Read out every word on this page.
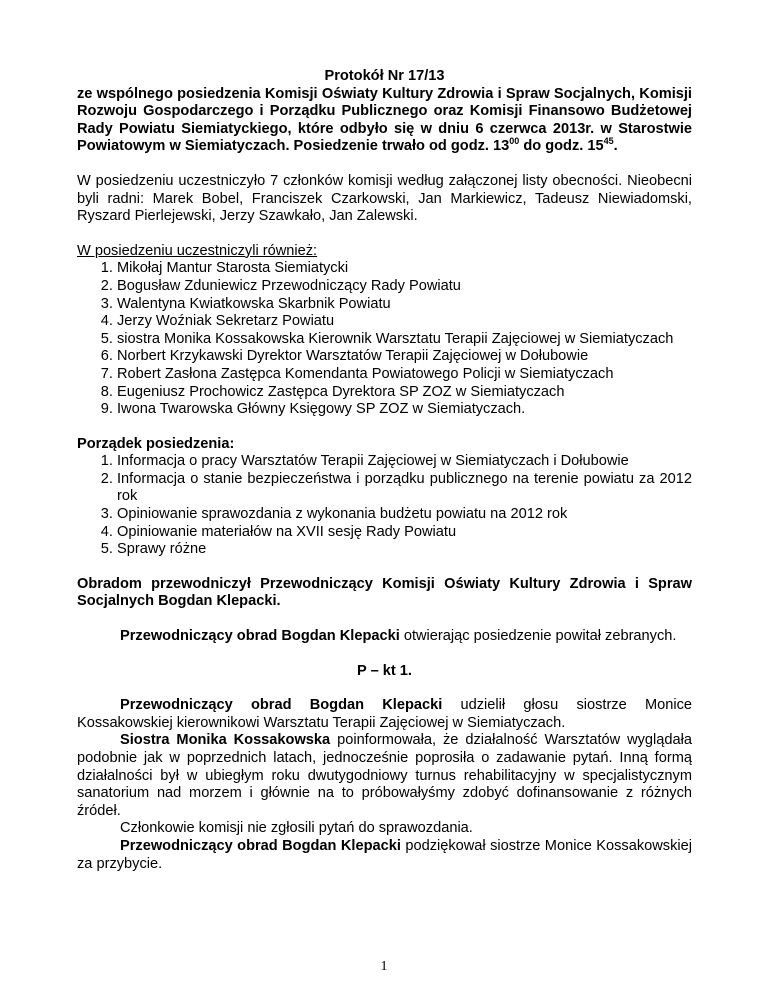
Protokół Nr 17/13
ze wspólnego posiedzenia Komisji Oświaty Kultury Zdrowia i Spraw Socjalnych, Komisji Rozwoju Gospodarczego i Porządku Publicznego oraz Komisji Finansowo Budżetowej Rady Powiatu Siemiatyckiego, które odbyło się w dniu 6 czerwca 2013r. w Starostwie Powiatowym w Siemiatyczach. Posiedzenie trwało od godz. $13^{00}$ do godz. $15^{45}$.
W posiedzeniu uczestniczyło 7 członków komisji według załączonej listy obecności. Nieobecni byli radni: Marek Bobel, Franciszek Czarkowski, Jan Markiewicz, Tadeusz Niewiadomski, Ryszard Pierlejewski, Jerzy Szawkało, Jan Zalewski.
W posiedzeniu uczestniczyli również:
1. Mikołaj Mantur Starosta Siemiatycki
2. Bogusław Zduniewicz Przewodniczący Rady Powiatu
3. Walentyna Kwiatkowska Skarbnik Powiatu
4. Jerzy Woźniak Sekretarz Powiatu
5. siostra Monika Kossakowska Kierownik Warsztatu Terapii Zajęciowej w Siemiatyczach
6. Norbert Krzykawski Dyrektor Warsztatów Terapii Zajęciowej w Dołubowie
7. Robert Zasłona Zastępca Komendanta Powiatowego Policji w Siemiatyczach
8. Eugeniusz Prochowicz Zastępca Dyrektora SP ZOZ w Siemiatyczach
9. Iwona Twarowska Główny Księgowy SP ZOZ w Siemiatyczach.
Porządek posiedzenia:
1. Informacja o pracy Warsztatów Terapii Zajęciowej w Siemiatyczach i Dołubowie
2. Informacja o stanie bezpieczeństwa i porządku publicznego na terenie powiatu za 2012 rok
3. Opiniowanie sprawozdania z wykonania budżetu powiatu na 2012 rok
4. Opiniowanie materiałów na XVII sesję Rady Powiatu
5. Sprawy różne
Obradom przewodniczył Przewodniczący Komisji Oświaty Kultury Zdrowia i Spraw Socjalnych Bogdan Klepacki.
Przewodniczący obrad Bogdan Klepacki otwierając posiedzenie powitał zebranych.
P – kt 1.
Przewodniczący obrad Bogdan Klepacki udzielił głosu siostrze Monice Kossakowskiej kierownikowi Warsztatu Terapii Zajęciowej w Siemiatyczach.
Siostra Monika Kossakowska poinformowała, że działalność Warsztatów wyglądała podobnie jak w poprzednich latach, jednocześnie poprosiła o zadawanie pytań. Inną formą działalności był w ubiegłym roku dwutygodniowy turnus rehabilitacyjny w specjalistycznym sanatorium nad morzem i głównie na to próbowałyśmy zdobyć dofinansowanie z różnych źródeł.
Członkowie komisji nie zgłosili pytań do sprawozdania.
Przewodniczący obrad Bogdan Klepacki podziękował siostrze Monice Kossakowskiej za przybycie.
1
